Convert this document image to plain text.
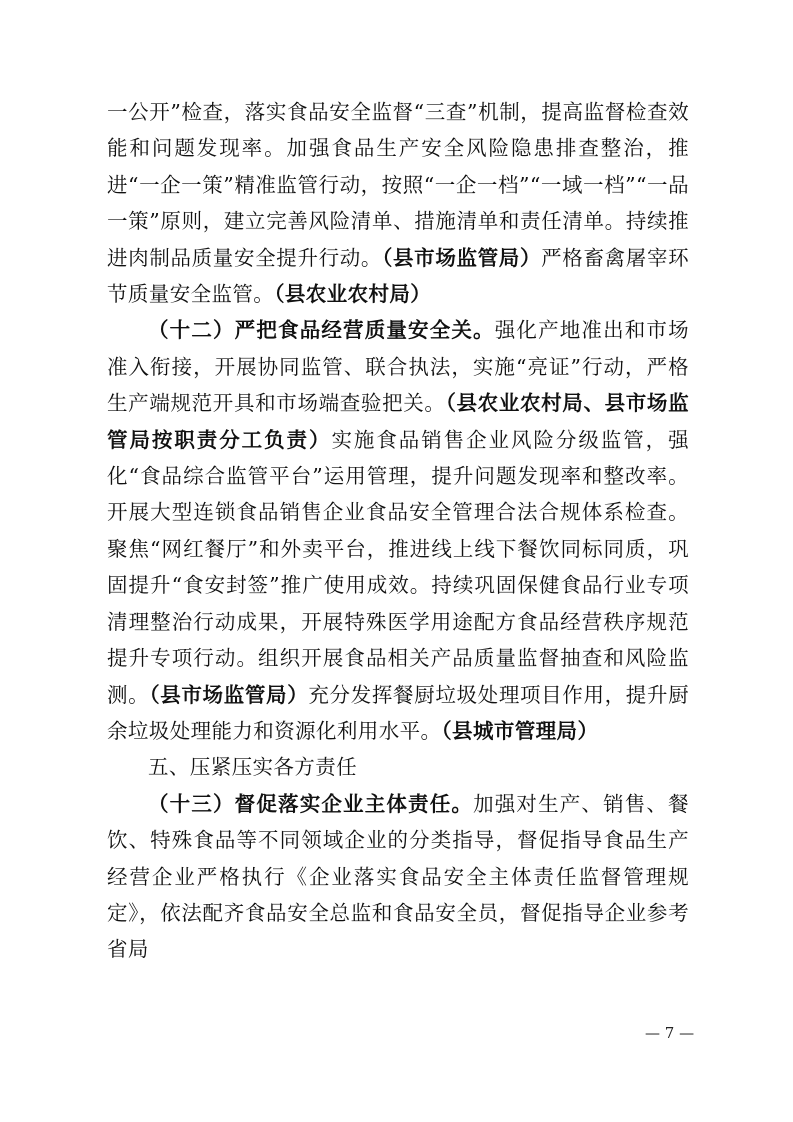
一公开”检查，落实食品安全监督“三查”机制，提高监督检查效能和问题发现率。加强食品生产安全风险隐患排查整治，推进“一企一策”精准监管行动，按照“一企一档”“一域一档”“一品一策”原则，建立完善风险清单、措施清单和责任清单。持续推进肉制品质量安全提升行动。（县市场监管局）严格畜禽屠宰环节质量安全监管。（县农业农村局）

（十二）严把食品经营质量安全关。强化产地准出和市场准入衔接，开展协同监管、联合执法，实施“亮证”行动，严格生产端规范开具和市场端查验把关。（县农业农村局、县市场监管局按职责分工负责）实施食品销售企业风险分级监管，强化“食品综合监管平台”运用管理，提升问题发现率和整改率。开展大型连锁食品销售企业食品安全管理合法合规体系检查。聚焦“网红餐厅”和外卖平台，推进线上线下餐饮同标同质，巩固提升“食安封签”推广使用成效。持续巩固保健食品行业专项清理整治行动成果，开展特殊医学用途配方食品经营秩序规范提升专项行动。组织开展食品相关产品质量监督抽查和风险监测。（县市场监管局）充分发挥餐厨垃圾处理项目作用，提升厨余垃圾处理能力和资源化利用水平。（县城市管理局）

五、压紧压实各方责任

（十三）督促落实企业主体责任。加强对生产、销售、餐饮、特殊食品等不同领域企业的分类指导，督促指导食品生产经营企业严格执行《企业落实食品安全主体责任监督管理规定》，依法配齐食品安全总监和食品安全员，督促指导企业参考省局

— 7 —
